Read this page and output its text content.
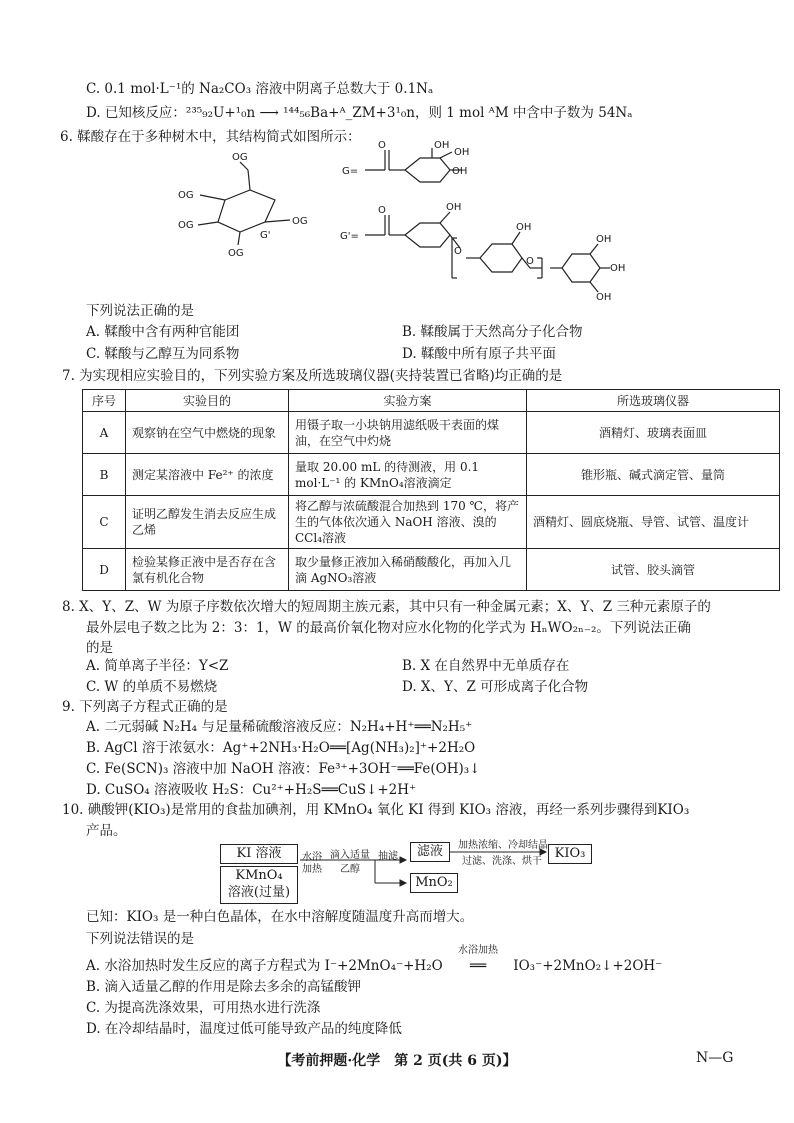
C. 0.1 mol·L⁻¹的 Na₂CO₃ 溶液中阴离子总数大于 0.1Nₐ
D. 已知核反应：²³⁵₉₂U+¹₀n ⟶ ¹⁴⁴₅₆Ba+ᴬ_ZM+3¹₀n，则 1 mol ᴬM 中含中子数为 54Nₐ
6. 鞣酸存在于多种树木中，其结构简式如图所示：
OG
OG
OG
OG
OG
G'
G=
O	OH
OH
OH
G'=
O	OH
O
OH
O
OH
OH
OH
下列说法正确的是
A. 鞣酸中含有两种官能团	B. 鞣酸属于天然高分子化合物
C. 鞣酸与乙醇互为同系物	D. 鞣酸中所有原子共平面
7. 为实现相应实验目的，下列实验方案及所选玻璃仪器(夹持装置已省略)均正确的是
序号	实验目的	实验方案	所选玻璃仪器
A	观察钠在空气中燃烧的现象	用镊子取一小块钠用滤纸吸干表面的煤油，在空气中灼烧	酒精灯、玻璃表面皿
B	测定某溶液中 Fe²⁺ 的浓度	量取 20.00 mL 的待测液，用 0.1 mol·L⁻¹ 的 KMnO₄溶液滴定	锥形瓶、碱式滴定管、量筒
C	证明乙醇发生消去反应生成乙烯	将乙醇与浓硫酸混合加热到 170 ℃，将产生的气体依次通入 NaOH 溶液、溴的 CCl₄溶液	酒精灯、圆底烧瓶、导管、试管、温度计
D	检验某修正液中是否存在含氯有机化合物	取少量修正液加入稀硝酸酸化，再加入几滴 AgNO₃溶液	试管、胶头滴管
8. X、Y、Z、W 为原子序数依次增大的短周期主族元素，其中只有一种金属元素；X、Y、Z 三种元素原子的
最外层电子数之比为 2：3：1，W 的最高价氧化物对应水化物的化学式为 HₙWO₂ₙ₋₂。下列说法正确
的是
A. 简单离子半径：Y<Z	B. X 在自然界中无单质存在
C. W 的单质不易燃烧	D. X、Y、Z 可形成离子化合物
9. 下列离子方程式正确的是
A. 二元弱碱 N₂H₄ 与足量稀硫酸溶液反应：N₂H₄+H⁺══N₂H₅⁺
B. AgCl 溶于浓氨水：Ag⁺+2NH₃·H₂O══[Ag(NH₃)₂]⁺+2H₂O
C. Fe(SCN)₃ 溶液中加 NaOH 溶液：Fe³⁺+3OH⁻══Fe(OH)₃↓
D. CuSO₄ 溶液吸收 H₂S：Cu²⁺+H₂S══CuS↓+2H⁺
10. 碘酸钾(KIO₃)是常用的食盐加碘剂，用 KMnO₄ 氧化 KI 得到 KIO₃ 溶液，再经一系列步骤得到KIO₃
产品。
KI 溶液
KMnO₄
溶液(过量)
水浴
加热
滴入适量
乙醇
抽滤	滤液
MnO₂
加热浓缩、冷却结晶
过滤、洗涤、烘干
KIO₃
已知：KIO₃ 是一种白色晶体，在水中溶解度随温度升高而增大。
下列说法错误的是
A. 水浴加热时发生反应的离子方程式为 I⁻+2MnO₄⁻+H₂O
水浴加热
══ IO₃⁻+2MnO₂↓+2OH⁻
B. 滴入适量乙醇的作用是除去多余的高锰酸钾
C. 为提高洗涤效果，可用热水进行洗涤
D. 在冷却结晶时，温度过低可能导致产品的纯度降低
【考前押题·化学　第 2 页(共 6 页)】	N—G
